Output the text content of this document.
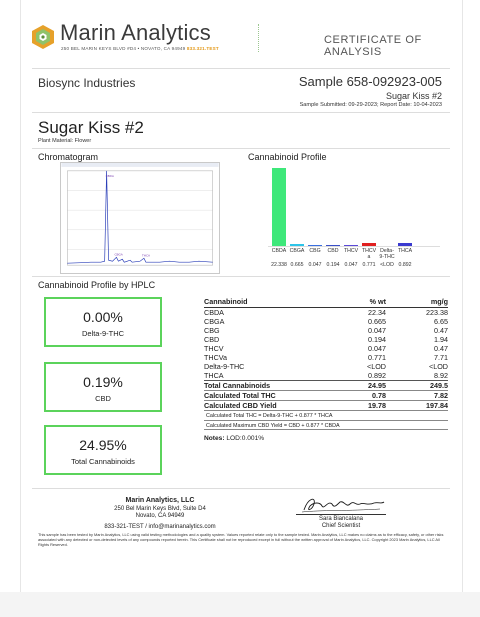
Marin Analytics
250 BEL MARIN KEYS BLVD #D4 • NOVATO, CA 94949 833.321.TEST
CERTIFICATE OF ANALYSIS
Biosync Industries	Sample 658-092923-005
Sugar Kiss #2
Sample Submitted: 09-29-2023; Report Date: 10-04-2023
Sugar Kiss #2
Plant Material: Flower
Chromatogram	Cannabinoid Profile
CBDA
CBGA	THCA
CBDA
22.338
CBGA
0.665
CBG
0.047
CBD
0.194
THCV
0.047
THCV
a
0.771
Delta-
9-THC
<LOD
THCA
0.892
Cannabinoid Profile by HPLC
0.00%
Delta-9-THC
0.19%
CBD
24.95%
Total Cannabinoids
Cannabinoid	% wt	mg/g
CBDA	22.34	223.38
CBGA	0.665	6.65
CBG	0.047	0.47
CBD	0.194	1.94
THCV	0.047	0.47
THCVa	0.771	7.71
Delta-9-THC	<LOD	<LOD
THCA	0.892	8.92
Total Cannabinoids	24.95	249.5
Calculated Total THC	0.78	7.82
Calculated CBD Yield	19.78	197.84
Calculated Total THC = Delta-9-THC + 0.877 * THCA
Calculated Maximum CBD Yield = CBD + 0.877 * CBDA
Notes: LOD:0.001%
Marin Analytics, LLC
250 Bel Marin Keys Blvd, Suite D4
Novato, CA 94949
833-321-TEST / info@marinanalytics.com
Sara Biancalana
Chief Scientist
This sample has been tested by Marin Analytics, LLC using valid testing methodologies and a quality system. Values reported relate only to the sample tested. Marin Analytics, LLC makes no claims as to the efficacy, safety, or other risks associated with any detected or non-detected levels of any compounds reported herein. This Certificate shall not be reproduced except in full without the written approval of Marin Analytics, LLC. Copyright 2023 Marin Analytics, LLC All Rights Reserved.
